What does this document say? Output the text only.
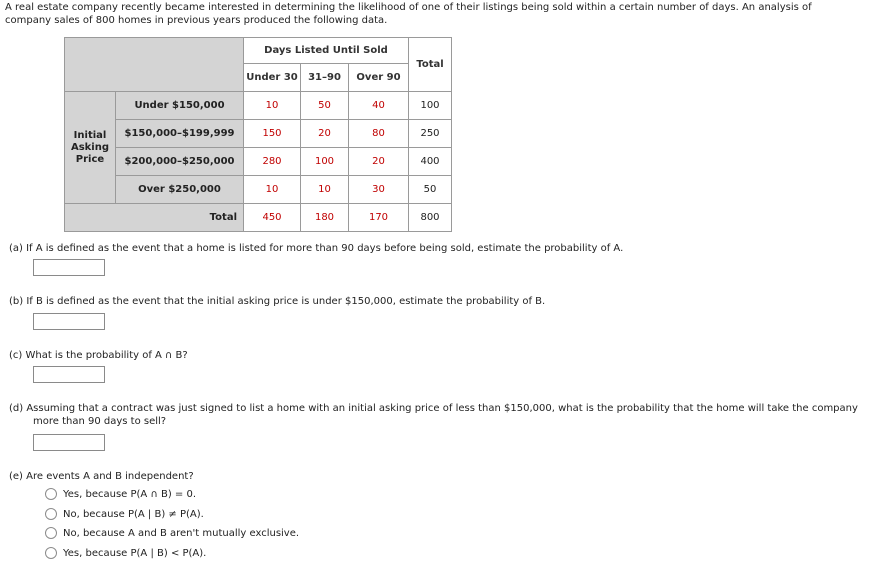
A real estate company recently became interested in determining the likelihood of one of their listings being sold within a certain number of days. An analysis of company sales of 800 homes in previous years produced the following data.
		Days Listed Until Sold			Total
		Under 30	31–90	Over 90	

Initial
Asking
Price	Under $150,000	10	50	40	100
	$150,000–$199,999	150	20	80	250
	$200,000–$250,000	280	100	20	400
	Over $250,000	10	10	30	50
Total		450	180	170	800
(a) If A is defined as the event that a home is listed for more than 90 days before being sold, estimate the probability of A.
(b) If B is defined as the event that the initial asking price is under $150,000, estimate the probability of B.
(c) What is the probability of A ∩ B?
(d) Assuming that a contract was just signed to list a home with an initial asking price of less than $150,000, what is the probability that the home will take the company
more than 90 days to sell?
(e) Are events A and B independent?
Yes, because P(A ∩ B) = 0.
No, because P(A | B) ≠ P(A).
No, because A and B aren't mutually exclusive.
Yes, because P(A | B) < P(A).
